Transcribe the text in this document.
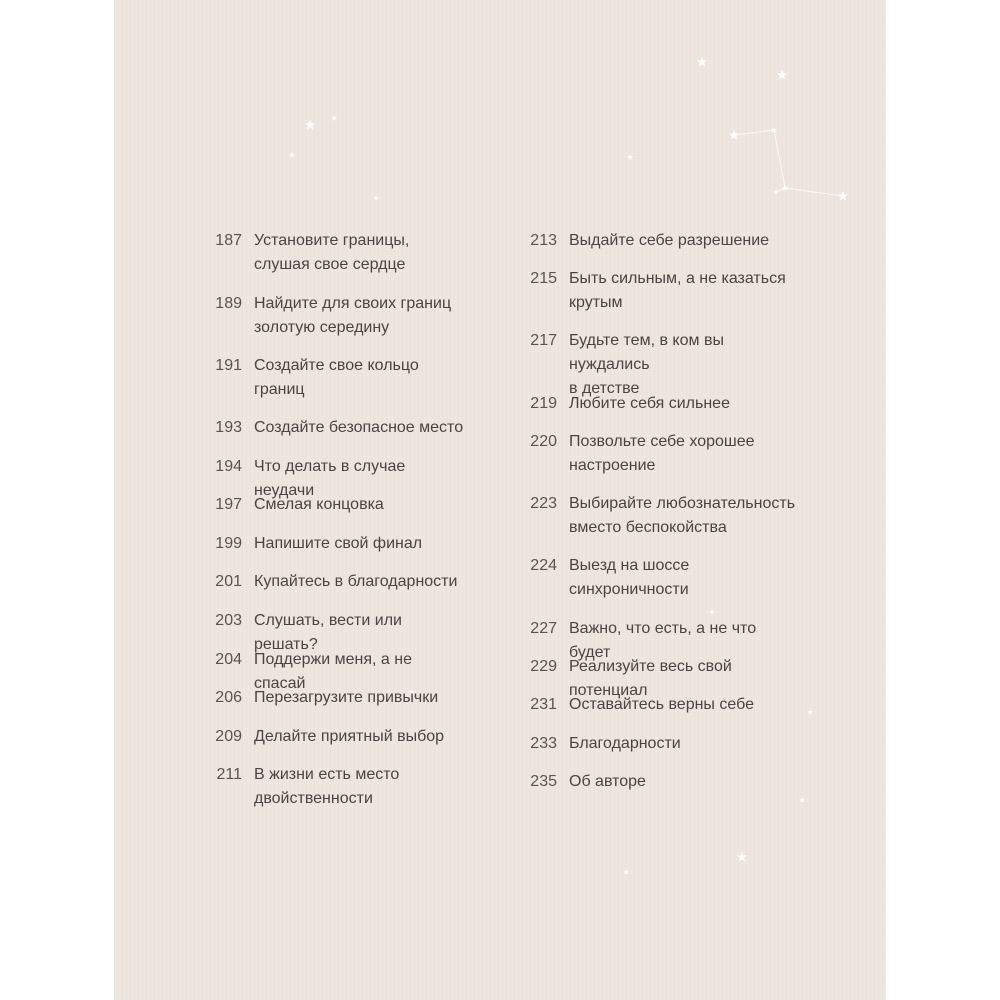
187 Установите границы,
слушая свое сердце
189 Найдите для своих границ
золотую середину
191 Создайте свое кольцо
границ
193 Создайте безопасное место
194 Что делать в случае неудачи
197 Смелая концовка
199 Напишите свой финал
201 Купайтесь в благодарности
203 Слушать, вести или решать?
204 Поддержи меня, а не спасай
206 Перезагрузите привычки
209 Делайте приятный выбор
211 В жизни есть место
двойственности
213 Выдайте себе разрешение
215 Быть сильным, а не казаться
крутым
217 Будьте тем, в ком вы нуждались
в детстве
219 Любите себя сильнее
220 Позвольте себе хорошее
настроение
223 Выбирайте любознательность
вместо беспокойства
224 Выезд на шоссе
синхроничности
227 Важно, что есть, а не что будет
229 Реализуйте весь свой потенциал
231 Оставайтесь верны себе
233 Благодарности
235 Об авторе
